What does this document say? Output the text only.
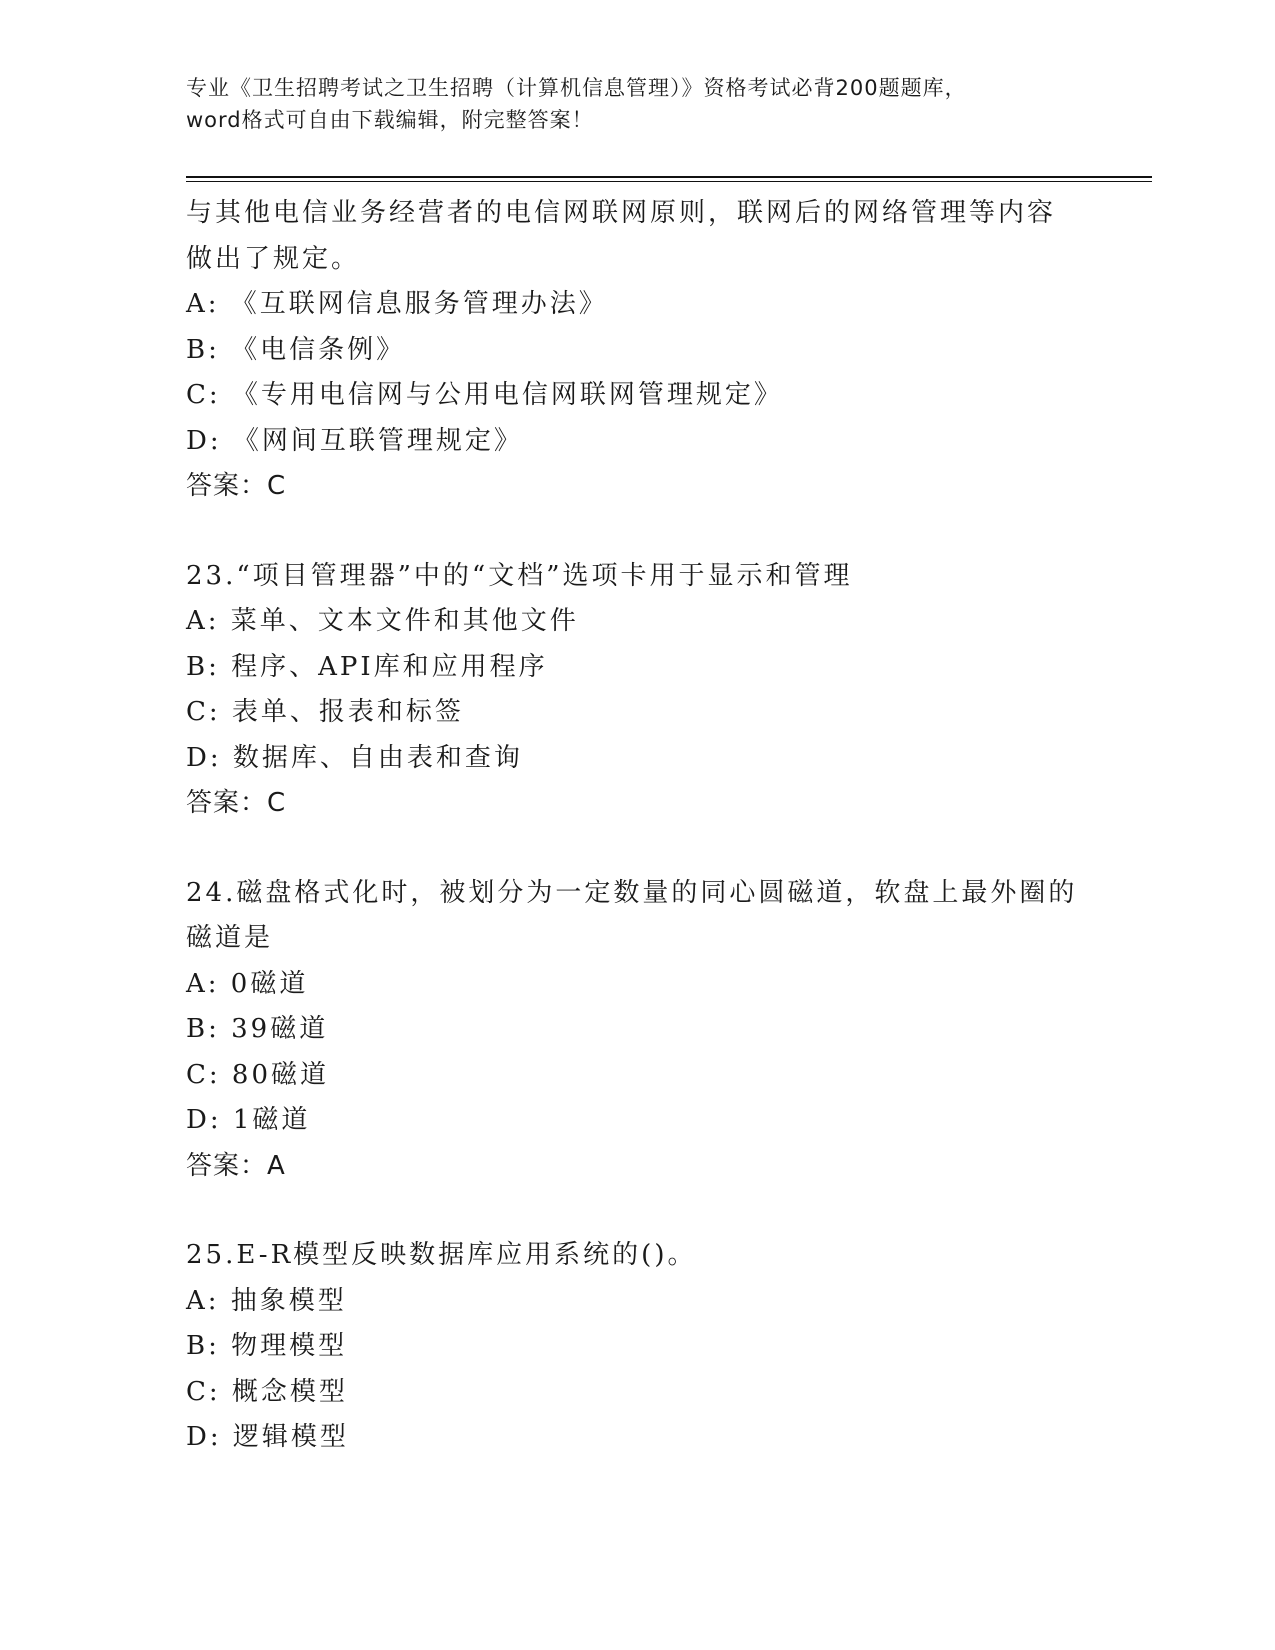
专业《卫生招聘考试之卫生招聘（计算机信息管理）》资格考试必背200题题库，
word格式可自由下载编辑，附完整答案！
与其他电信业务经营者的电信网联网原则，联网后的网络管理等内容
做出了规定。
A: 《互联网信息服务管理办法》
B: 《电信条例》
C: 《专用电信网与公用电信网联网管理规定》
D: 《网间互联管理规定》
答案：C
23.“项目管理器”中的“文档”选项卡用于显示和管理
A: 菜单、文本文件和其他文件
B: 程序、API库和应用程序
C: 表单、报表和标签
D: 数据库、自由表和查询
答案：C
24.磁盘格式化时，被划分为一定数量的同心圆磁道，软盘上最外圈的
磁道是
A: 0磁道
B: 39磁道
C: 80磁道
D: 1磁道
答案：A
25.E-R模型反映数据库应用系统的()。
A: 抽象模型
B: 物理模型
C: 概念模型
D: 逻辑模型
